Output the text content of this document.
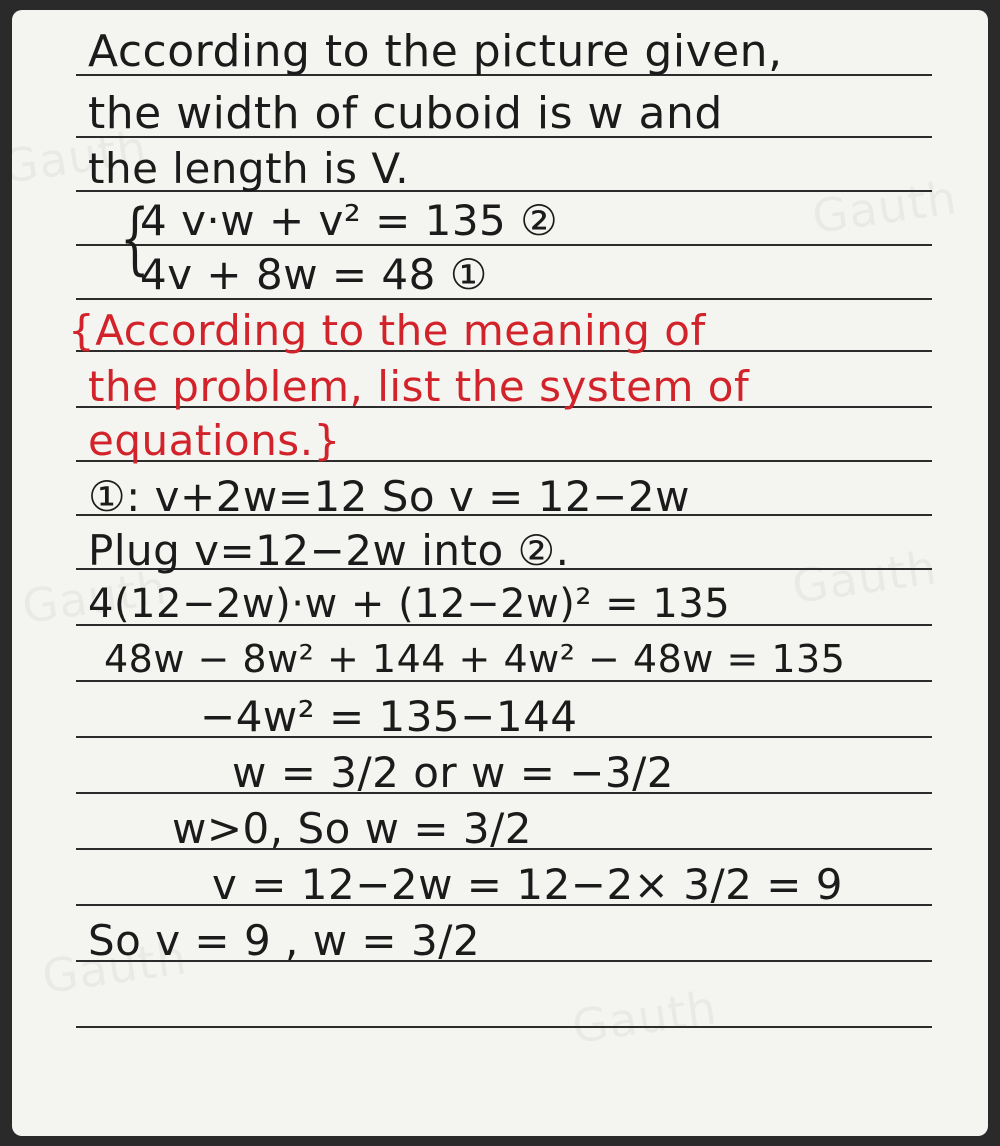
According to the picture given,
the width of cuboid is w and
the length is V.
{
4 v·w + v² = 135 ②
4v + 8w = 48 ①
{According to the meaning of
the problem, list the system of
equations.}
①: v+2w=12 So v = 12−2w
Plug v=12−2w into ②.
4(12−2w)·w + (12−2w)² = 135
48w − 8w² + 144 + 4w² − 48w = 135
−4w² = 135−144
w = 3/2 or w = −3/2
w>0, So w = 3/2
v = 12−2w = 12−2× 3/2 = 9
So v = 9 , w = 3/2
